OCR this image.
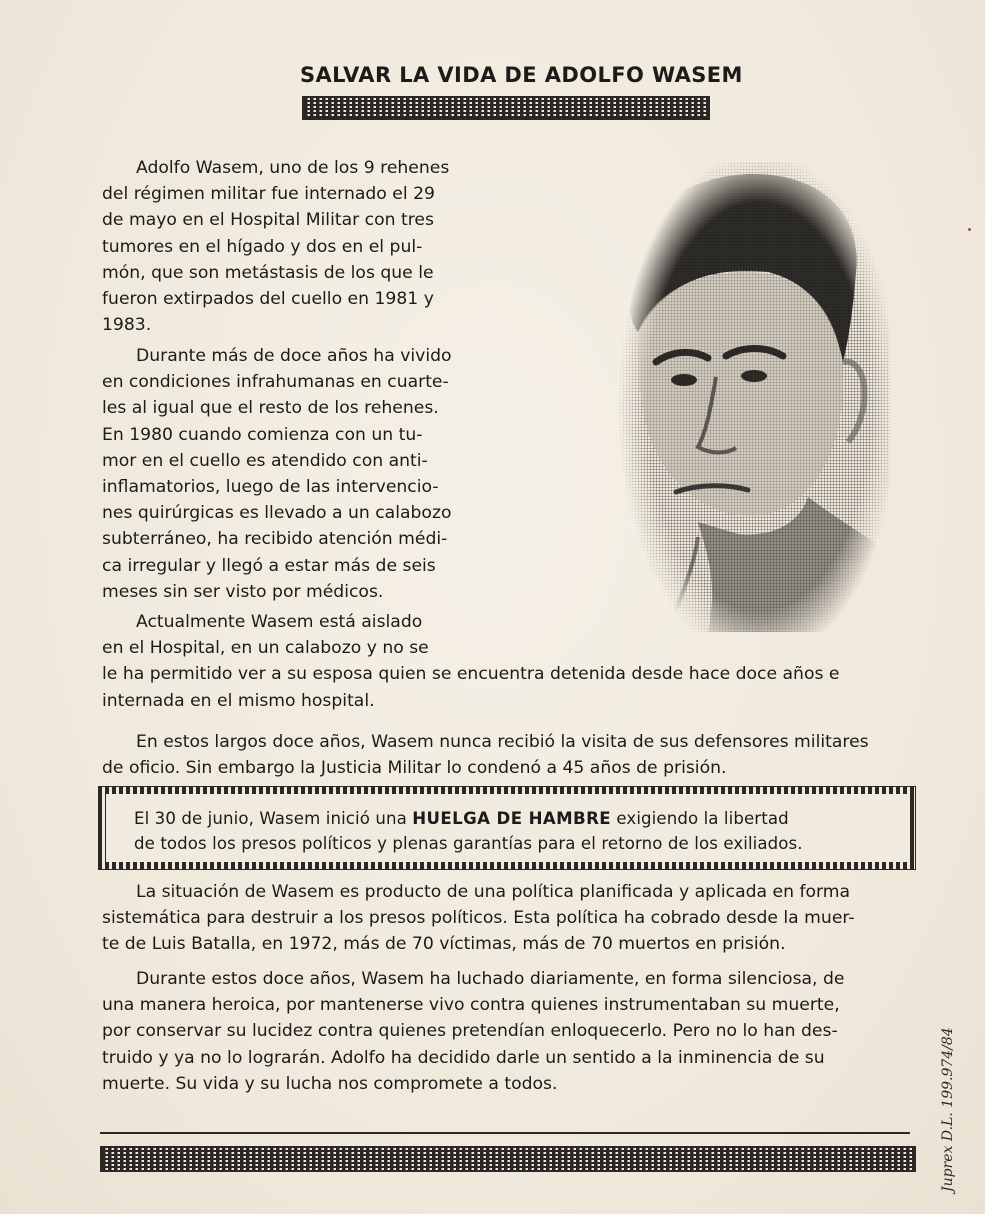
SALVAR LA VIDA DE ADOLFO WASEM

Adolfo Wasem, uno de los 9 rehenes
del régimen militar fue internado el 29
de mayo en el Hospital Militar con tres
tumores en el hígado y dos en el pul-
món, que son metástasis de los que le
fueron extirpados del cuello en 1981 y
1983.

Durante más de doce años ha vivido
en condiciones infrahumanas en cuarte-
les al igual que el resto de los rehenes.
En 1980 cuando comienza con un tu-
mor en el cuello es atendido con anti-
inflamatorios, luego de las intervencio-
nes quirúrgicas es llevado a un calabozo
subterráneo, ha recibido atención médi-
ca irregular y llegó a estar más de seis
meses sin ser visto por médicos.

Actualmente Wasem está aislado
en el Hospital, en un calabozo y no se
le ha permitido ver a su esposa quien se encuentra detenida desde hace doce años e
internada en el mismo hospital.

En estos largos doce años, Wasem nunca recibió la visita de sus defensores militares
de oficio. Sin embargo la Justicia Militar lo condenó a 45 años de prisión.

El 30 de junio, Wasem inició una HUELGA DE HAMBRE exigiendo la libertad
de todos los presos políticos y plenas garantías para el retorno de los exiliados.

La situación de Wasem es producto de una política planificada y aplicada en forma
sistemática para destruir a los presos políticos. Esta política ha cobrado desde la muer-
te de Luis Batalla, en 1972, más de 70 víctimas, más de 70 muertos en prisión.

Durante estos doce años, Wasem ha luchado diariamente, en forma silenciosa, de
una manera heroica, por mantenerse vivo contra quienes instrumentaban su muerte,
por conservar su lucidez contra quienes pretendían enloquecerlo. Pero no lo han des-
truido y ya no lo lograrán. Adolfo ha decidido darle un sentido a la inminencia de su
muerte. Su vida y su lucha nos compromete a todos.	Juprex D.L. 199.974/84
